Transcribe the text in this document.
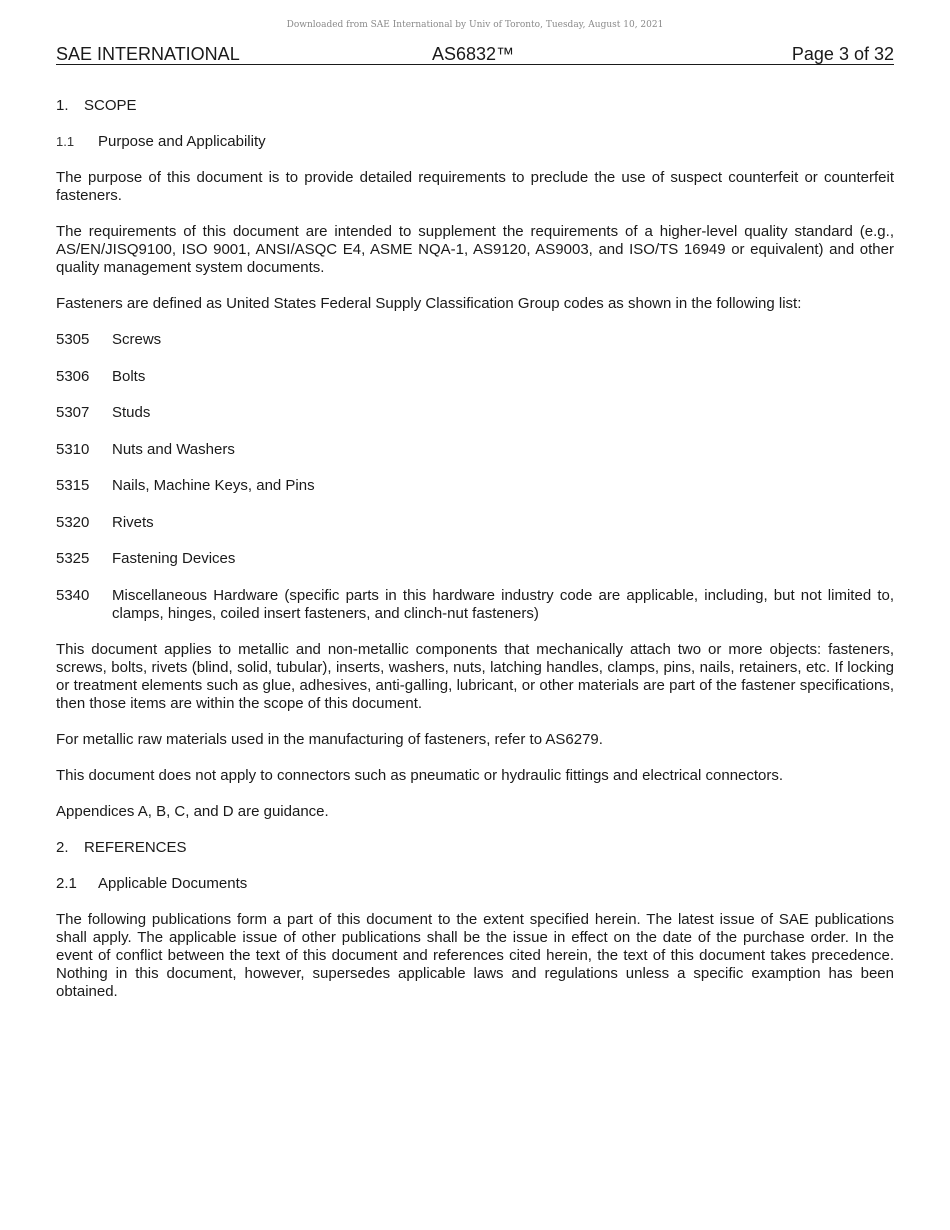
Downloaded from SAE International by Univ of Toronto, Tuesday, August 10, 2021
SAE INTERNATIONAL	AS6832™	Page 3 of 32

1. SCOPE

1.1 Purpose and Applicability

The purpose of this document is to provide detailed requirements to preclude the use of suspect counterfeit or counterfeit fasteners.

The requirements of this document are intended to supplement the requirements of a higher-level quality standard (e.g., AS/EN/JISQ9100, ISO 9001, ANSI/ASQC E4, ASME NQA-1, AS9120, AS9003, and ISO/TS 16949 or equivalent) and other quality management system documents.

Fasteners are defined as United States Federal Supply Classification Group codes as shown in the following list:

5305	Screws
5306	Bolts
5307	Studs
5310	Nuts and Washers
5315	Nails, Machine Keys, and Pins
5320	Rivets
5325	Fastening Devices
5340	Miscellaneous Hardware (specific parts in this hardware industry code are applicable, including, but not limited to, clamps, hinges, coiled insert fasteners, and clinch-nut fasteners)

This document applies to metallic and non-metallic components that mechanically attach two or more objects: fasteners, screws, bolts, rivets (blind, solid, tubular), inserts, washers, nuts, latching handles, clamps, pins, nails, retainers, etc. If locking or treatment elements such as glue, adhesives, anti-galling, lubricant, or other materials are part of the fastener specifications, then those items are within the scope of this document.

For metallic raw materials used in the manufacturing of fasteners, refer to AS6279.

This document does not apply to connectors such as pneumatic or hydraulic fittings and electrical connectors.

Appendices A, B, C, and D are guidance.

2. REFERENCES

2.1 Applicable Documents

The following publications form a part of this document to the extent specified herein. The latest issue of SAE publications shall apply. The applicable issue of other publications shall be the issue in effect on the date of the purchase order. In the event of conflict between the text of this document and references cited herein, the text of this document takes precedence. Nothing in this document, however, supersedes applicable laws and regulations unless a specific examption has been obtained.
